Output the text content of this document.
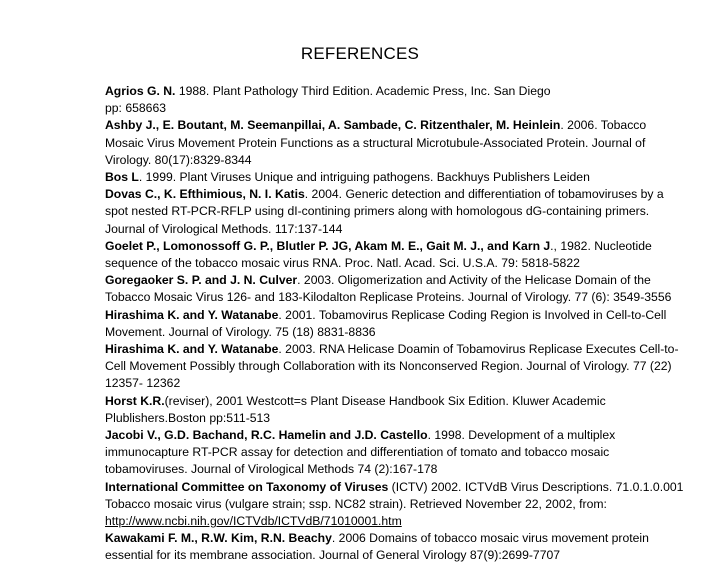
REFERENCES

Agrios G. N. 1988. Plant Pathology Third Edition. Academic Press, Inc. San Diego
pp: 658663

Ashby J., E. Boutant, M. Seemanpillai, A. Sambade, C. Ritzenthaler, M. Heinlein. 2006. Tobacco Mosaic Virus Movement Protein Functions as a structural Microtubule-Associated Protein. Journal of Virology. 80(17):8329-8344

Bos L. 1999. Plant Viruses Unique and intriguing pathogens. Backhuys Publishers Leiden

Dovas C., K. Efthimious, N. I. Katis. 2004. Generic detection and differentiation of tobamoviruses by a spot nested RT-PCR-RFLP using dI-contining primers along with homologous dG-containing primers. Journal of Virological Methods. 117:137-144

Goelet P., Lomonossoff G. P., Blutler P. JG, Akam M. E., Gait M. J., and Karn J., 1982. Nucleotide sequence of the tobacco mosaic virus RNA. Proc. Natl. Acad. Sci. U.S.A. 79: 5818-5822

Goregaoker S. P. and J. N. Culver. 2003. Oligomerization and Activity of the Helicase Domain of the Tobacco Mosaic Virus 126- and 183-Kilodalton Replicase Proteins. Journal of Virology. 77 (6): 3549-3556

Hirashima K. and Y. Watanabe. 2001. Tobamovirus Replicase Coding Region is Involved in Cell-to-Cell Movement. Journal of Virology. 75 (18) 8831-8836

Hirashima K. and Y. Watanabe. 2003. RNA Helicase Doamin of Tobamovirus Replicase Executes Cell-to-Cell Movement Possibly through Collaboration with its Nonconserved Region. Journal of Virology. 77 (22) 12357- 12362

Horst K.R.(reviser), 2001 Westcott=s Plant Disease Handbook Six Edition. Kluwer Academic Plublishers.Boston pp:511-513

Jacobi V., G.D. Bachand, R.C. Hamelin and J.D. Castello. 1998. Development of a multiplex immunocapture RT-PCR assay for detection and differentiation of tomato and tobacco mosaic tobamoviruses. Journal of Virological Methods 74 (2):167-178

International Committee on Taxonomy of Viruses (ICTV) 2002. ICTVdB Virus Descriptions. 71.0.1.0.001 Tobacco mosaic virus (vulgare strain; ssp. NC82 strain). Retrieved November 22, 2002, from: http://www.ncbi.nih.gov/ICTVdb/ICTVdB/71010001.htm

Kawakami F. M., R.W. Kim, R.N. Beachy. 2006 Domains of tobacco mosaic virus movement protein essential for its membrane association. Journal of General Virology 87(9):2699-7707
